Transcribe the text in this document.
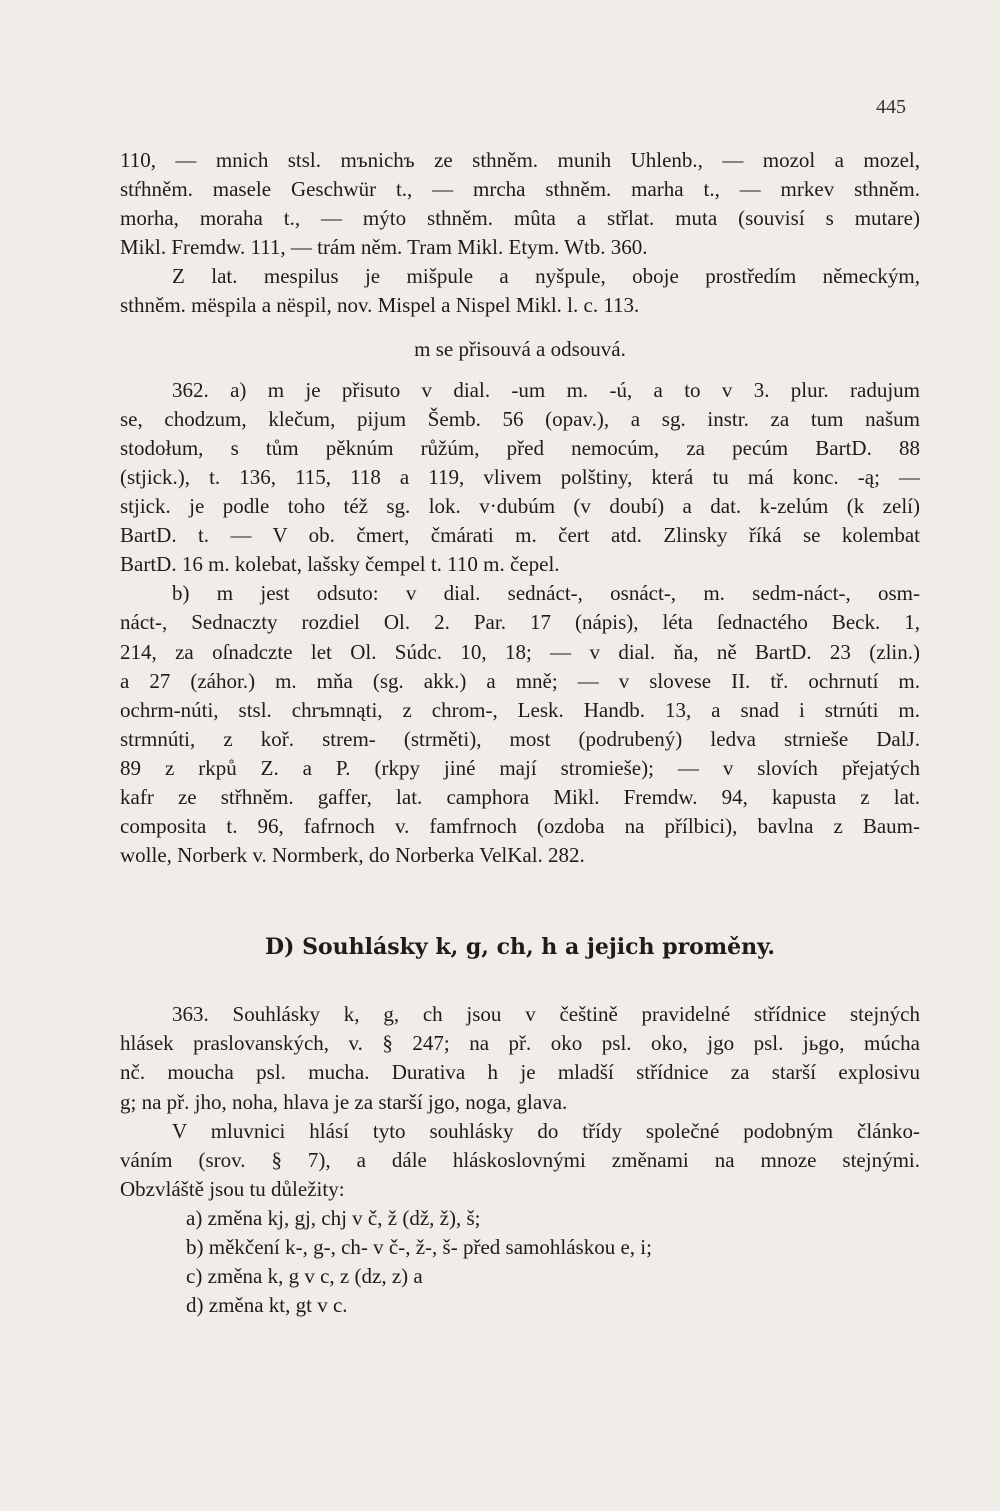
445
110, — mnich stsl. mъnichъ ze sthněm. munih Uhlenb., — mozol a mozel,
stŕhněm. masele Geschwür t., — mrcha sthněm. marha t., — mrkev sthněm.
morha, moraha t., — mýto sthněm. mûta a střlat. muta (souvisí s mutare)
Mikl. Fremdw. 111, — trám něm. Tram Mikl. Etym. Wtb. 360.
Z lat. mespilus je mišpule a nyšpule, oboje prostředím německým,
sthněm. mëspila a nëspil, nov. Mispel a Nispel Mikl. l. c. 113.
m se přisouvá a odsouvá.
362. a) m je přisuto v dial. -um m. -ú, a to v 3. plur. radujum
se, chodzum, klečum, pijum Šemb. 56 (opav.), a sg. instr. za tum našum
stodołum, s tům pěknúm růžúm, před nemocúm, za pecúm BartD. 88
(stjick.), t. 136, 115, 118 a 119, vlivem polštiny, která tu má konc. -ą; —
stjick. je podle toho též sg. lok. v·dubúm (v doubí) a dat. k-zelúm (k zelí)
BartD. t. — V ob. čmert, čmárati m. čert atd. Zlinsky říká se kolembat
BartD. 16 m. kolebat, lašsky čempel t. 110 m. čepel.
b) m jest odsuto: v dial. sednáct-, osnáct-, m. sedm-náct-, osm-
náct-, Sednaczty rozdiel Ol. 2. Par. 17 (nápis), léta ſednactého Beck. 1,
214, za oſnadczte let Ol. Súdc. 10, 18; — v dial. ňa, ně BartD. 23 (zlin.)
a 27 (záhor.) m. mňa (sg. akk.) a mně; — v slovese II. tř. ochrnutí m.
ochrm-núti, stsl. chrъmnąti, z chrom-, Lesk. Handb. 13, a snad i strnúti m.
strmnúti, z koř. strem- (strměti), most (podrubený) ledva strnieše DalJ.
89 z rkpů Z. a P. (rkpy jiné mají stromieše); — v slovích přejatých
kafr ze střhněm. gaffer, lat. camphora Mikl. Fremdw. 94, kapusta z lat.
composita t. 96, fafrnoch v. famfrnoch (ozdoba na přílbici), bavlna z Baum-
wolle, Norberk v. Normberk, do Norberka VelKal. 282.
D) Souhlásky k, g, ch, h a jejich proměny.
363. Souhlásky k, g, ch jsou v češtině pravidelné střídnice stejných
hlásek praslovanských, v. § 247; na př. oko psl. oko, jgo psl. jьgo, múcha
nč. moucha psl. mucha. Durativa h je mladší střídnice za starší explosivu
g; na př. jho, noha, hlava je za starší jgo, noga, glava.
V mluvnici hlásí tyto souhlásky do třídy společné podobným článko-
váním (srov. § 7), a dále hláskoslovnými změnami na mnoze stejnými.
Obzvláště jsou tu důležity:
a) změna kj, gj, chj v č, ž (dž, ž), š;
b) měkčení k-, g-, ch- v č-, ž-, š- před samohláskou e, i;
c) změna k, g v c, z (dz, z) a
d) změna kt, gt v c.
